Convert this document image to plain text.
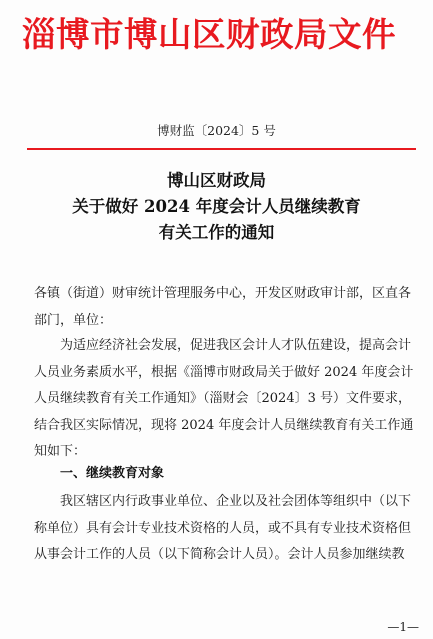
淄博市博山区财政局文件
博财监〔2024〕5 号
博山区财政局
关于做好 2024 年度会计人员继续教育
有关工作的通知
各镇（街道）财审统计管理服务中心，开发区财政审计部，区直各
部门，单位：
为适应经济社会发展，促进我区会计人才队伍建设，提高会计
人员业务素质水平，根据《淄博市财政局关于做好 2024 年度会计
人员继续教育有关工作通知》（淄财会〔2024〕3 号）文件要求，
结合我区实际情况，现将 2024 年度会计人员继续教育有关工作通
知如下：
一、继续教育对象
我区辖区内行政事业单位、企业以及社会团体等组织中（以下
称单位）具有会计专业技术资格的人员，或不具有专业技术资格但
从事会计工作的人员（以下简称会计人员）。会计人员参加继续教
—1—
